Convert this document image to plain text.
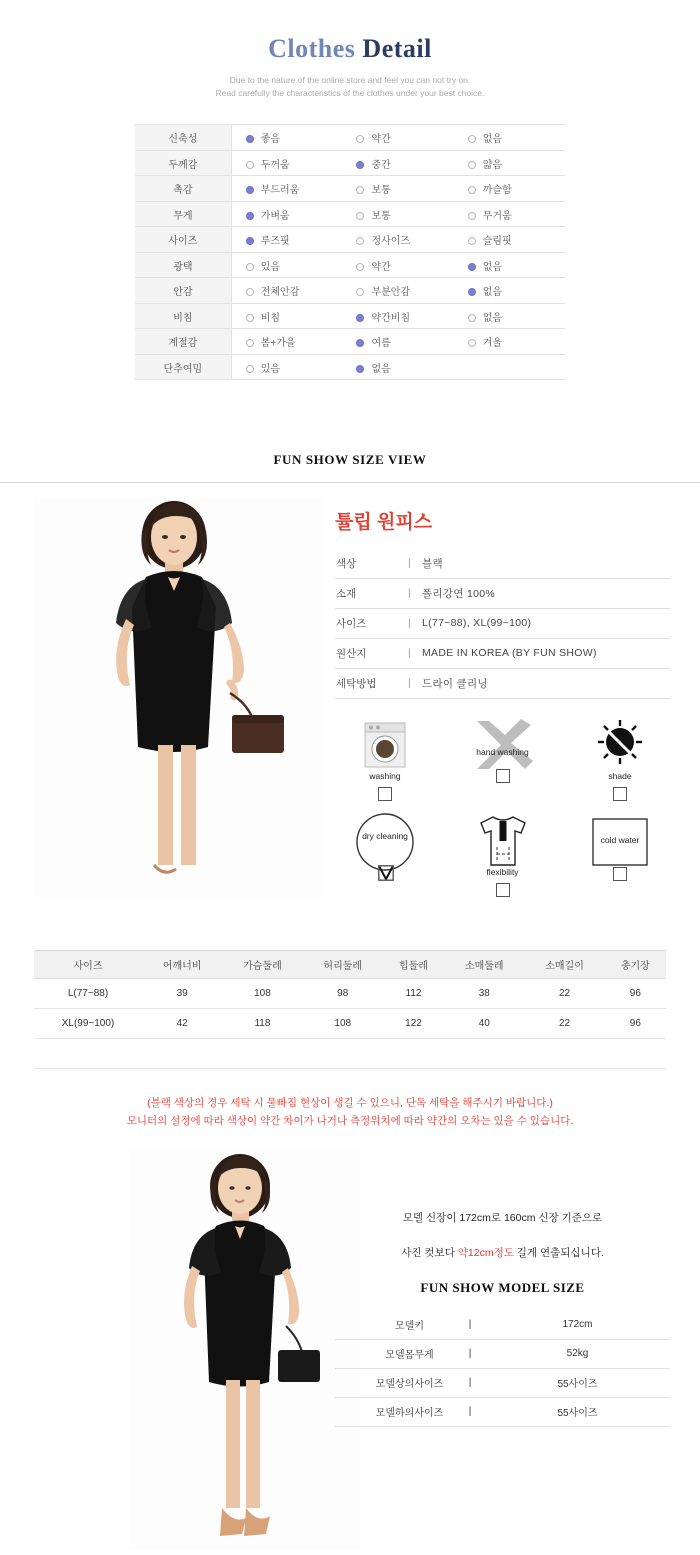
Clothes Detail
Due to the nature of the online store and feel you can not try on.
Read carefully the characteristics of the clothes under your best choice.
신축성	좋음	약간	없음
두께감	두꺼움	중간	얇음
촉감	부드러움	보통	까슬함
무게	가벼움	보통	무거움
사이즈	루즈핏	정사이즈	슬림핏
광택	있음	약간	없음
안감	전체안감	부분안감	없음
비침	비침	약간비침	없음
계절감	봄+가을	여름	겨울
단추여밈	있음	없음	
FUN SHOW SIZE VIEW
튤립 원피스
색상	|	블랙
소재	|	폴리강연 100%
사이즈	|	L(77~88), XL(99~100)
원산지	|	MADE IN KOREA (BY FUN SHOW)
세탁방법	|	드라이 클리닝
washing
hand washing
shade
dry cleaning
flexibility
cold water
사이즈	어깨너비	가슴둘레	허리둘레	힙둘레	소매둘레	소매길이	총기장
L(77~88)	39	108	98	112	38	22	96
XL(99~100)	42	118	108	122	40	22	96

(블랙 색상의 경우 세탁 시 물빠짐 현상이 생길 수 있으니, 단독 세탁을 해주시기 바랍니다.)
모니터의 설정에 따라 색상이 약간 차이가 나거나 측정위치에 따라 약간의 오차는 있을 수 있습니다.
모델 신장이 172cm로 160cm 신장 기준으로
사진 컷보다 약12cm정도 길게 연출되십니다.
FUN SHOW MODEL SIZE
모델키	|	172cm
모델몸무게	|	52kg
모델상의사이즈	|	55사이즈
모델하의사이즈	|	55사이즈
